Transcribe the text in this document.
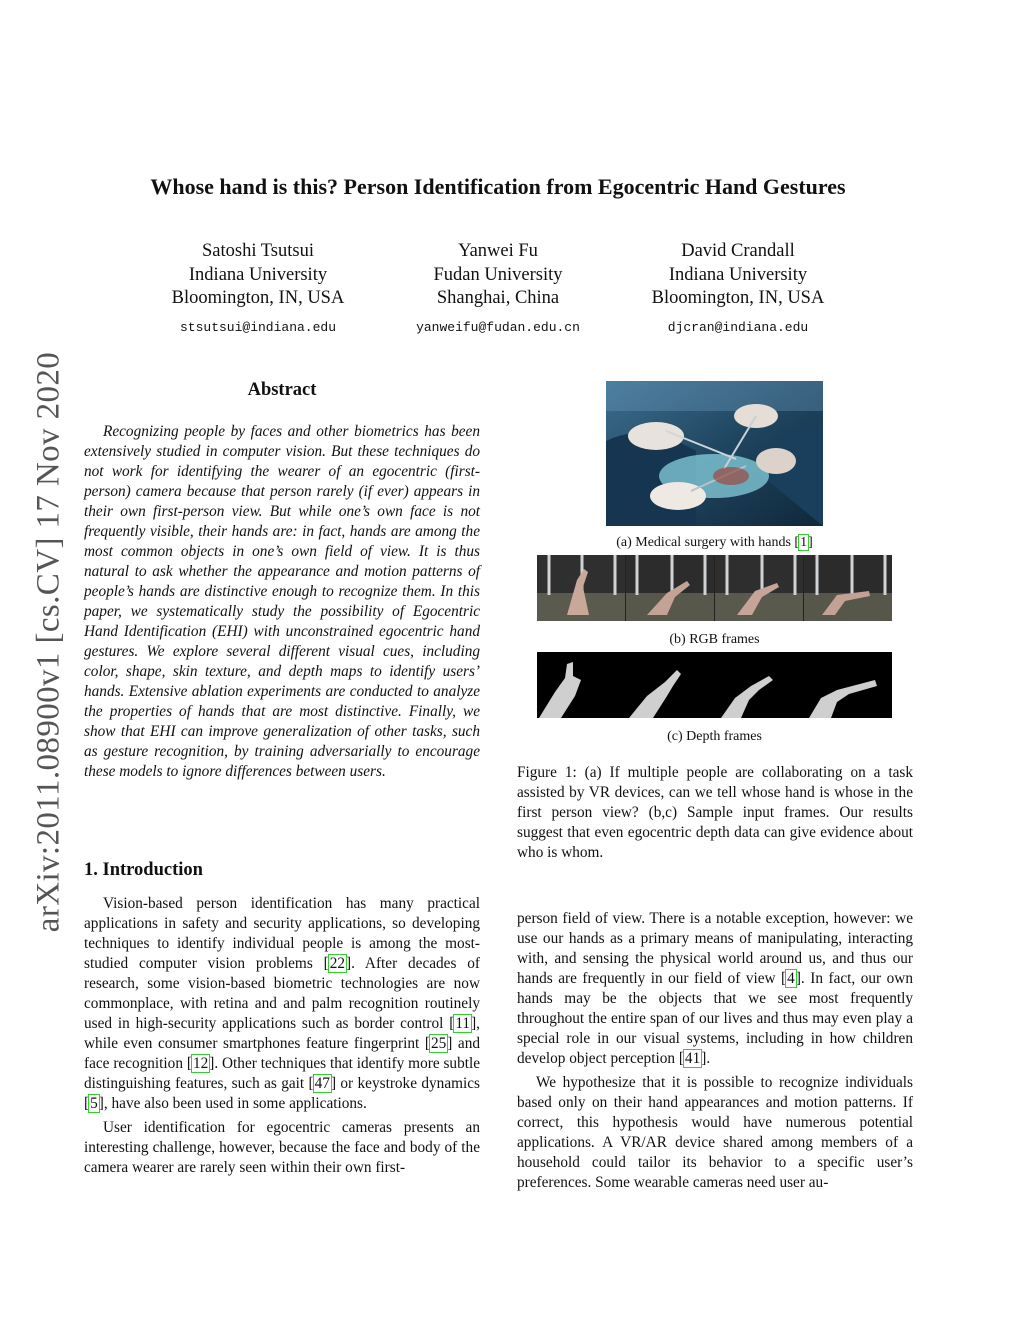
arXiv:2011.08900v1 [cs.CV] 17 Nov 2020
Whose hand is this? Person Identification from Egocentric Hand Gestures
Satoshi Tsutsui
Indiana University
Bloomington, IN, USA
stsutsui@indiana.edu
Yanwei Fu
Fudan University
Shanghai, China
yanweifu@fudan.edu.cn
David Crandall
Indiana University
Bloomington, IN, USA
djcran@indiana.edu
Abstract

Recognizing people by faces and other biometrics has been extensively studied in computer vision. But these techniques do not work for identifying the wearer of an egocentric (first-person) camera because that person rarely (if ever) appears in their own first-person view. But while one’s own face is not frequently visible, their hands are: in fact, hands are among the most common objects in one’s own field of view. It is thus natural to ask whether the appearance and motion patterns of people’s hands are distinctive enough to recognize them. In this paper, we systematically study the possibility of Egocentric Hand Identification (EHI) with unconstrained egocentric hand gestures. We explore several different visual cues, including color, shape, skin texture, and depth maps to identify users’ hands. Extensive ablation experiments are conducted to analyze the properties of hands that are most distinctive. Finally, we show that EHI can improve generalization of other tasks, such as gesture recognition, by training adversarially to encourage these models to ignore differences between users.

1. Introduction

Vision-based person identification has many practical applications in safety and security applications, so developing techniques to identify individual people is among the most-studied computer vision problems [22]. After decades of research, some vision-based biometric technologies are now commonplace, with retina and and palm recognition routinely used in high-security applications such as border control [11], while even consumer smartphones feature fingerprint [25] and face recognition [12]. Other techniques that identify more subtle distinguishing features, such as gait [47] or keystroke dynamics [5], have also been used in some applications.

User identification for egocentric cameras presents an interesting challenge, however, because the face and body of the camera wearer are rarely seen within their own first-

(a) Medical surgery with hands [1]
(b) RGB frames
(c) Depth frames
Figure 1: (a) If multiple people are collaborating on a task assisted by VR devices, can we tell whose hand is whose in the first person view? (b,c) Sample input frames. Our results suggest that even egocentric depth data can give evidence about who is whom.

person field of view. There is a notable exception, however: we use our hands as a primary means of manipulating, interacting with, and sensing the physical world around us, and thus our hands are frequently in our field of view [4]. In fact, our own hands may be the objects that we see most frequently throughout the entire span of our lives and thus may even play a special role in our visual systems, including in how children develop object perception [41].

We hypothesize that it is possible to recognize individuals based only on their hand appearances and motion patterns. If correct, this hypothesis would have numerous potential applications. A VR/AR device shared among members of a household could tailor its behavior to a specific user’s preferences. Some wearable cameras need user au-
